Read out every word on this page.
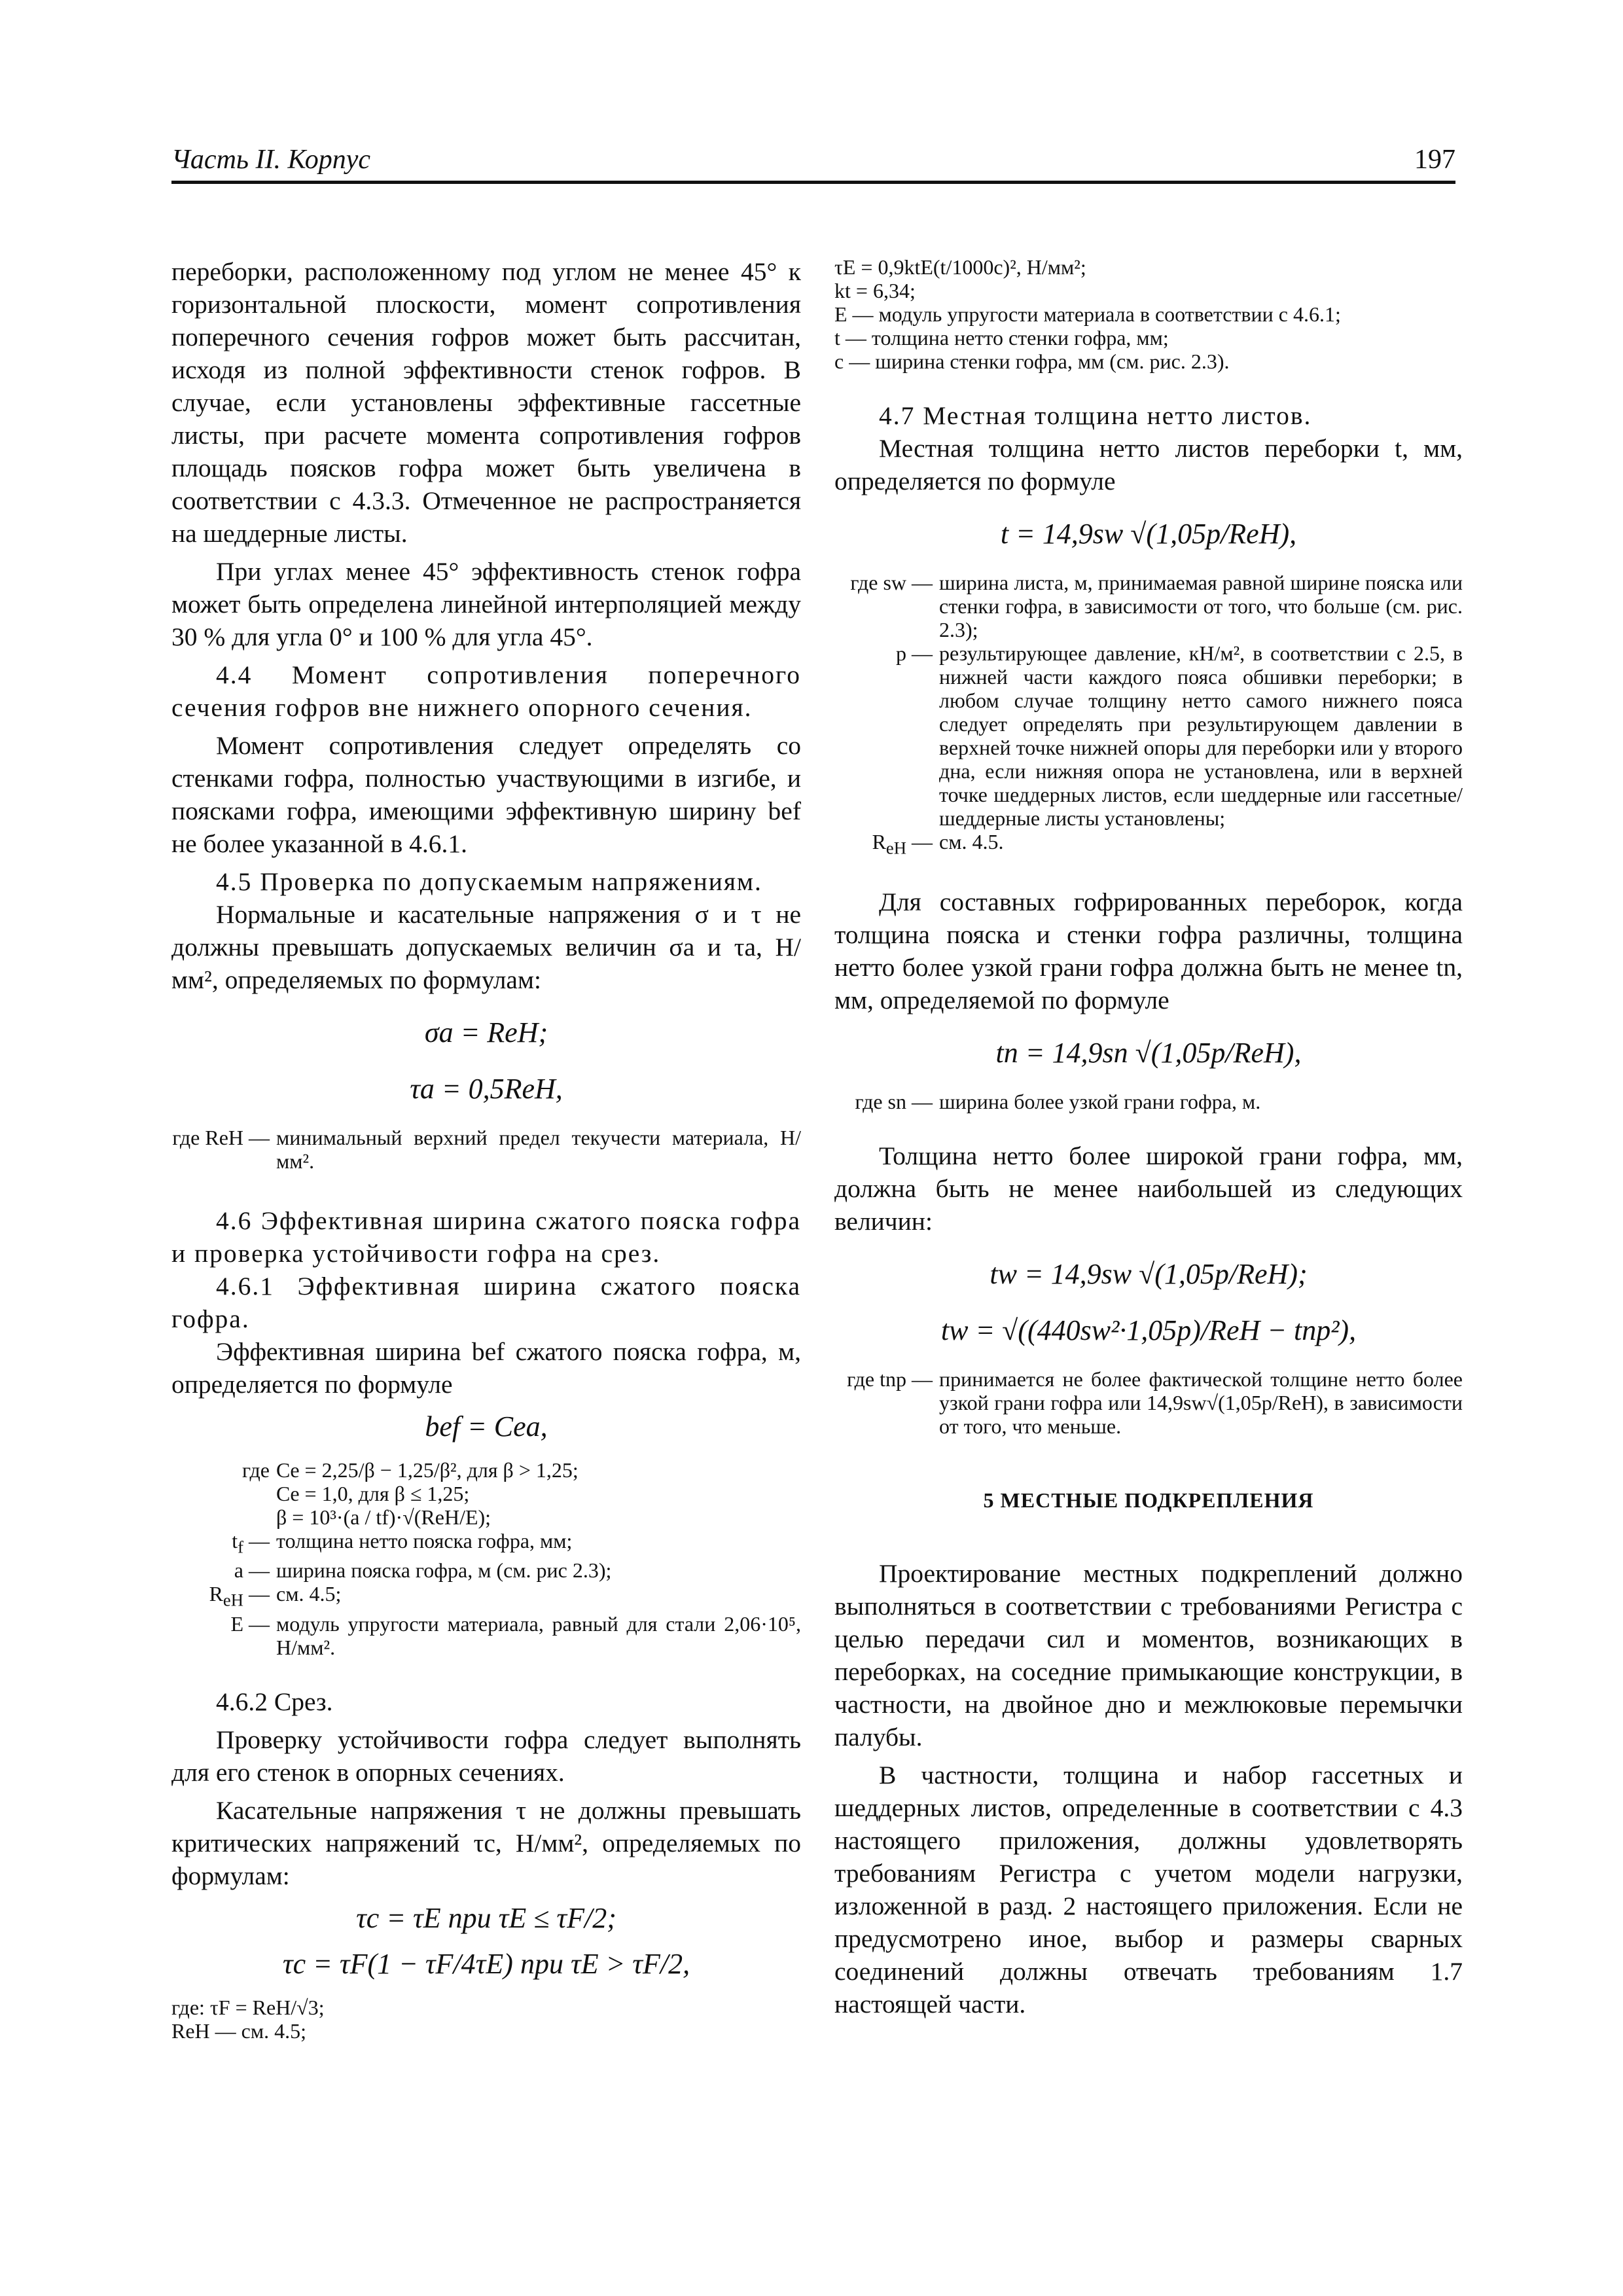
Часть II. Корпус	197

переборки, расположенному под углом не менее 45° к горизонтальной плоскости, момент сопротивления поперечного сечения гофров может быть рассчитан, исходя из полной эффективности стенок гофров. В случае, если установлены эффективные гассетные листы, при расчете момента сопротивления гофров площадь поясков гофра может быть увеличена в соответствии с 4.3.3. Отмеченное не распространяется на шеддерные листы.

При углах менее 45° эффективность стенок гофра может быть определена линейной интерполяцией между 30 % для угла 0° и 100 % для угла 45°.

4.4 Момент сопротивления поперечного сечения гофров вне нижнего опорного сечения.

Момент сопротивления следует определять со стенками гофра, полностью участвующими в изгибе, и поясками гофра, имеющими эффективную ширину bef не более указанной в 4.6.1.

4.5 Проверка по допускаемым напряжениям.

Нормальные и касательные напряжения σ и τ не должны превышать допускаемых величин σa и τa, Н/мм², определяемых по формулам:

σa = ReH;
τa = 0,5ReH,
где ReH — минимальный верхний предел текучести материала, Н/мм².

4.6 Эффективная ширина сжатого пояска гофра и проверка устойчивости гофра на срез.

4.6.1 Эффективная ширина сжатого пояска гофра.

Эффективная ширина bef сжатого пояска гофра, м, определяется по формуле

bef = Cea,
где Ce = 2,25/β − 1,25/β², для β > 1,25;
Ce = 1,0, для β ≤ 1,25;
β = 10³·(a / tf)·√(ReH/E);
$t_f$ — толщина нетто пояска гофра, мм;
a — ширина пояска гофра, м (см. рис 2.3);
$R_{eH}$ — см. 4.5;
E — модуль упругости материала, равный для стали 2,06·10⁵, Н/мм².

4.6.2 Срез.

Проверку устойчивости гофра следует выполнять для его стенок в опорных сечениях.

Касательные напряжения τ не должны превышать критических напряжений τc, Н/мм², определяемых по формулам:

τc = τE при τE ≤ τF/2;
τc = τF(1 − τF/4τE) при τE > τF/2,
где: τF = ReH/√3;
ReH — см. 4.5;
τE = 0,9ktE(t/1000c)², Н/мм²;
kt = 6,34;
E — модуль упругости материала в соответствии с 4.6.1;
t — толщина нетто стенки гофра, мм;
c — ширина стенки гофра, мм (см. рис. 2.3).

4.7 Местная толщина нетто листов.

Местная толщина нетто листов переборки t, мм, определяется по формуле

t = 14,9sw √(1,05p/ReH),
где sw — ширина листа, м, принимаемая равной ширине пояска или стенки гофра, в зависимости от того, что больше (см. рис. 2.3);
p — результирующее давление, кН/м², в соответствии с 2.5, в нижней части каждого пояса обшивки переборки; в любом случае толщину нетто самого нижнего пояса следует определять при результирующем давлении в верхней точке нижней опоры для переборки или у второго дна, если нижняя опора не установлена, или в верхней точке шеддерных листов, если шеддерные или гассетные/шеддерные листы установлены;
$R_{eH}$ — см. 4.5.

Для составных гофрированных переборок, когда толщина пояска и стенки гофра различны, толщина нетто более узкой грани гофра должна быть не менее tn, мм, определяемой по формуле

tn = 14,9sn √(1,05p/ReH),
где sn — ширина более узкой грани гофра, м.

Толщина нетто более широкой грани гофра, мм, должна быть не менее наибольшей из следующих величин:

tw = 14,9sw √(1,05p/ReH);
tw = √((440sw²·1,05p)/ReH − tnp²),
где tnp — принимается не более фактической толщине нетто более узкой грани гофра или 14,9sw√(1,05p/ReH), в зависимости от того, что меньше.
5 МЕСТНЫЕ ПОДКРЕПЛЕНИЯ

Проектирование местных подкреплений должно выполняться в соответствии с требованиями Регистра с целью передачи сил и моментов, возникающих в переборках, на соседние примыкающие конструкции, в частности, на двойное дно и межлюковые перемычки палубы.

В частности, толщина и набор гассетных и шеддерных листов, определенные в соответствии с 4.3 настоящего приложения, должны удовлетворять требованиям Регистра с учетом модели нагрузки, изложенной в разд. 2 настоящего приложения. Если не предусмотрено иное, выбор и размеры сварных соединений должны отвечать требованиям 1.7 настоящей части.
